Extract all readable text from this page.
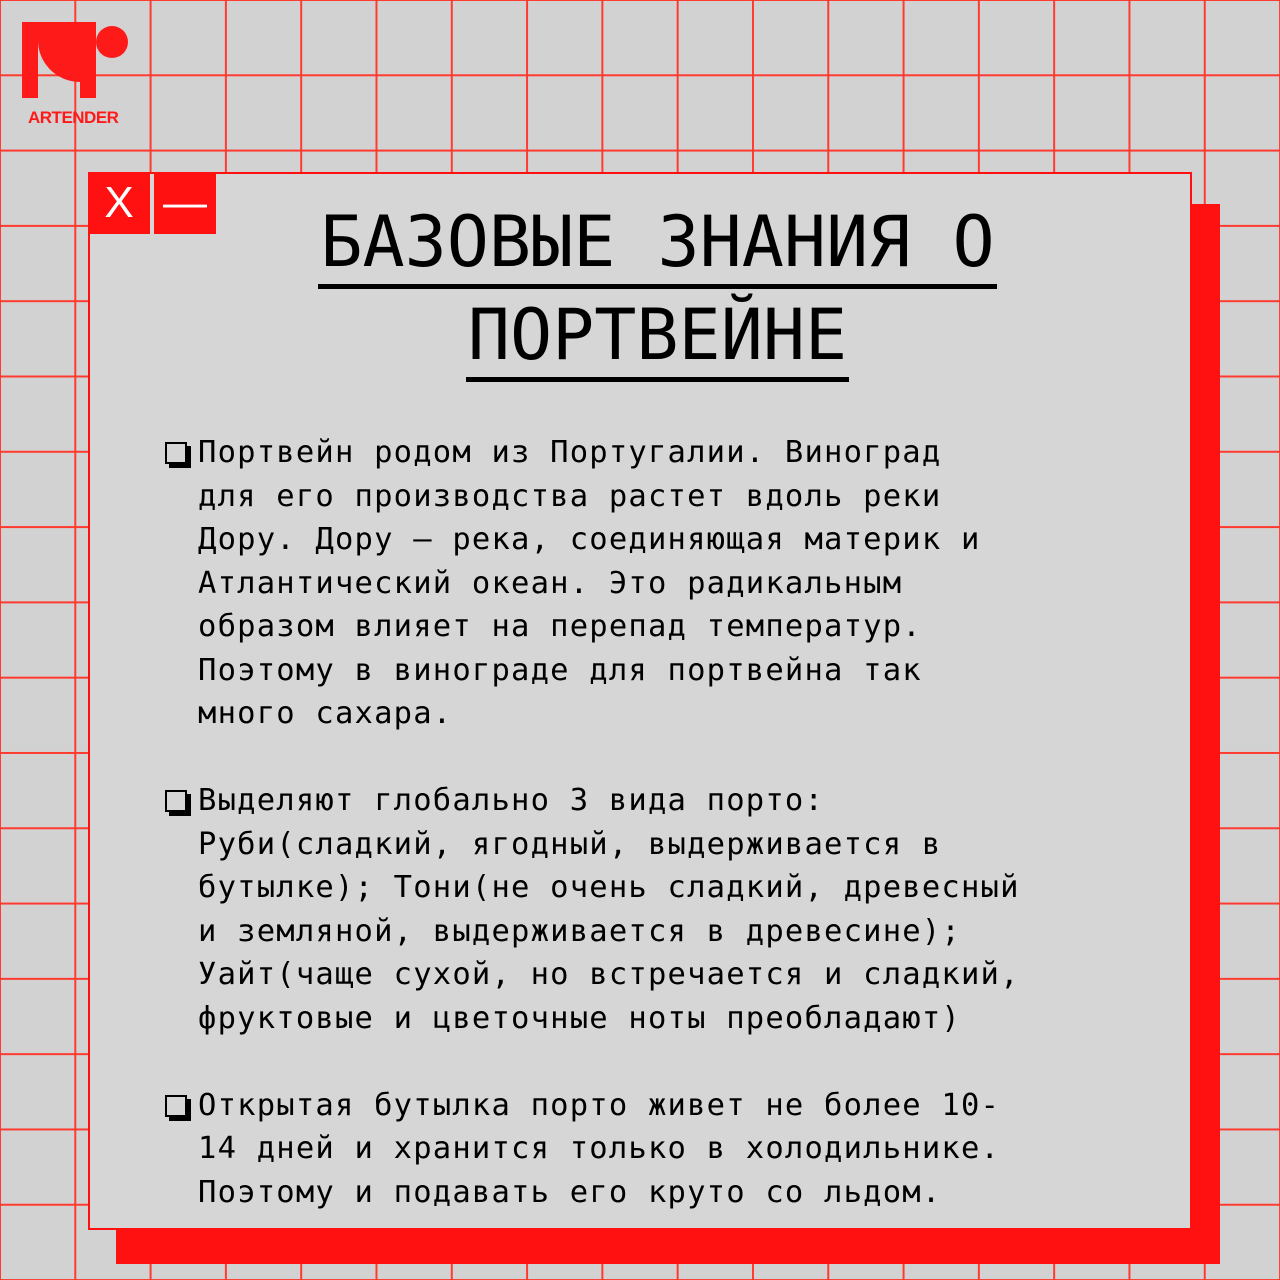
ARTENDER
X —	БАЗОВЫЕ ЗНАНИЯ О
ПОРТВЕЙНЕ

Портвейн родом из Португалии. Виноград
для его производства растет вдоль реки
Дору. Дору – река, соединяющая материк и
Атлантический океан. Это радикальным
образом влияет на перепад температур.
Поэтому в винограде для портвейна так
много сахара.

Выделяют глобально 3 вида порто:
Руби(сладкий, ягодный, выдерживается в
бутылке); Тони(не очень сладкий, древесный
и земляной, выдерживается в древесине);
Уайт(чаще сухой, но встречается и сладкий,
фруктовые и цветочные ноты преобладают)

Открытая бутылка порто живет не более 10-
14 дней и хранится только в холодильнике.
Поэтому и подавать его круто со льдом.
